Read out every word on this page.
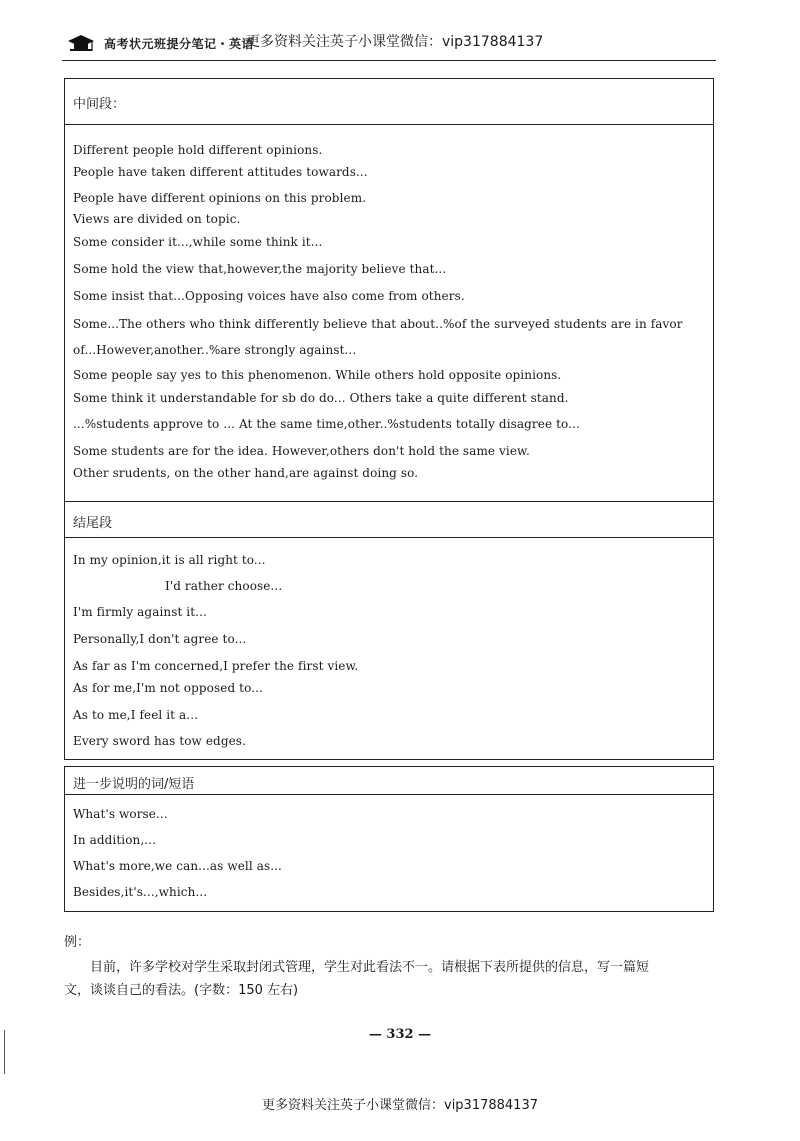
高考状元班提分笔记・英语
更多资料关注英子小课堂微信：vip317884137
中间段：
Different people hold different opinions.
People have taken different attitudes towards...
People have different opinions on this problem.
Views are divided on topic.
Some consider it...,while some think it...
Some hold the view that,however,the majority believe that...
Some insist that...Opposing voices have also come from others.
Some...The others who think differently believe that about..%of the surveyed students are in favor
of...However,another..%are strongly against...
Some people say yes to this phenomenon. While others hold opposite opinions.
Some think it understandable for sb do do... Others take a quite different stand.
...%students approve to ... At the same time,other..%students totally disagree to...
Some students are for the idea. However,others don't hold the same view.
Other srudents, on the other hand,are against doing so.
结尾段
In my opinion,it is all right to...
I'd rather choose...
I'm firmly against it...
Personally,I don't agree to...
As far as I'm concerned,I prefer the first view.
As for me,I'm not opposed to...
As to me,I feel it a...
Every sword has tow edges.
进一步说明的词/短语
What's worse...
In addition,...
What's more,we can...as well as...
Besides,it's...,which...
例：
目前，许多学校对学生采取封闭式管理，学生对此看法不一。请根据下表所提供的信息，写一篇短
文，谈谈自己的看法。(字数：150 左右)
— 332 —
更多资料关注英子小课堂微信：vip317884137
